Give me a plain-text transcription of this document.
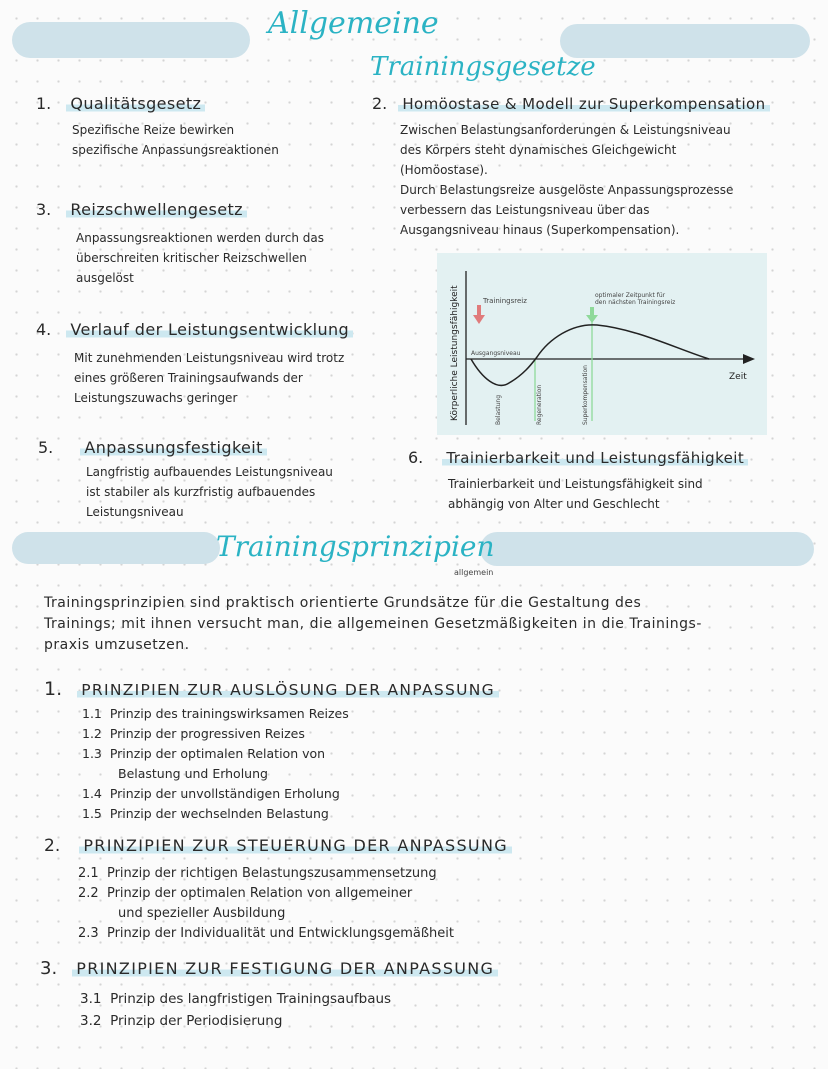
Allgemeine
Trainingsgesetze
1. Qualitätsgesetz
Spezifische Reize bewirken
spezifische Anpassungsreaktionen
2. Homöostase & Modell zur Superkompensation
Zwischen Belastungsanforderungen & Leistungsniveau
des Körpers steht dynamisches Gleichgewicht
(Homöostase).
Durch Belastungsreize ausgelöste Anpassungsprozesse
verbessern das Leistungsniveau über das
Ausgangsniveau hinaus (Superkompensation).
3. Reizschwellengesetz
Anpassungsreaktionen werden durch das
überschreiten kritischer Reizschwellen
ausgelöst
4. Verlauf der Leistungsentwicklung
Mit zunehmenden Leistungsniveau wird trotz
eines größeren Trainingsaufwands der
Leistungszuwachs geringer
5. Anpassungsfestigkeit
Langfristig aufbauendes Leistungsniveau
ist stabiler als kurzfristig aufbauendes
Leistungsniveau
6. Trainierbarkeit und Leistungsfähigkeit
Trainierbarkeit und Leistungsfähigkeit sind
abhängig von Alter und Geschlecht
Körperliche Leistungsfähigkeit	Zeit
Trainingsreiz
optimaler Zeitpunkt für
den nächsten Trainingsreiz
Ausgangsniveau
Belastung	Regeneration	Superkompensation
Trainingsprinzipien
allgemein
Trainingsprinzipien sind praktisch orientierte Grundsätze für die Gestaltung des
Trainings; mit ihnen versucht man, die allgemeinen Gesetzmäßigkeiten in die Trainings-
praxis umzusetzen.
1. PRINZIPIEN ZUR AUSLÖSUNG DER ANPASSUNG
1.1 Prinzip des trainingswirksamen Reizes
1.2 Prinzip der progressiven Reizes
1.3 Prinzip der optimalen Relation von
Belastung und Erholung
1.4 Prinzip der unvollständigen Erholung
1.5 Prinzip der wechselnden Belastung
2. PRINZIPIEN ZUR STEUERUNG DER ANPASSUNG
2.1 Prinzip der richtigen Belastungszusammensetzung
2.2 Prinzip der optimalen Relation von allgemeiner
und spezieller Ausbildung
2.3 Prinzip der Individualität und Entwicklungsgemäßheit
3. PRINZIPIEN ZUR FESTIGUNG DER ANPASSUNG
3.1 Prinzip des langfristigen Trainingsaufbaus
3.2 Prinzip der Periodisierung
